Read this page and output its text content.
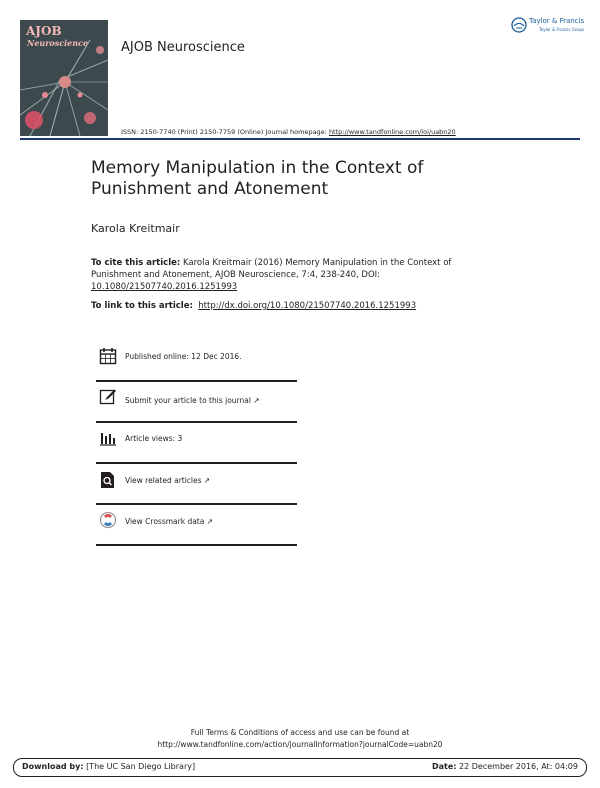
AJOB
Neuroscience	AJOB Neuroscience
Taylor & Francis
Taylor & Francis Group
ISSN: 2150-7740 (Print) 2150-7759 (Online) Journal homepage: http://www.tandfonline.com/loi/uabn20
Memory Manipulation in the Context of Punishment and Atonement
Karola Kreitmair
To cite this article: Karola Kreitmair (2016) Memory Manipulation in the Context of Punishment and Atonement, AJOB Neuroscience, 7:4, 238-240, DOI:
10.1080/21507740.2016.1251993
To link to this article: http://dx.doi.org/10.1080/21507740.2016.1251993
Published online: 12 Dec 2016.
Submit your article to this journal ↗
Article views: 3
View related articles ↗
View Crossmark data ↗
Full Terms & Conditions of access and use can be found at
http://www.tandfonline.com/action/journalInformation?journalCode=uabn20
Download by: [The UC San Diego Library]	Date: 22 December 2016, At: 04:09
